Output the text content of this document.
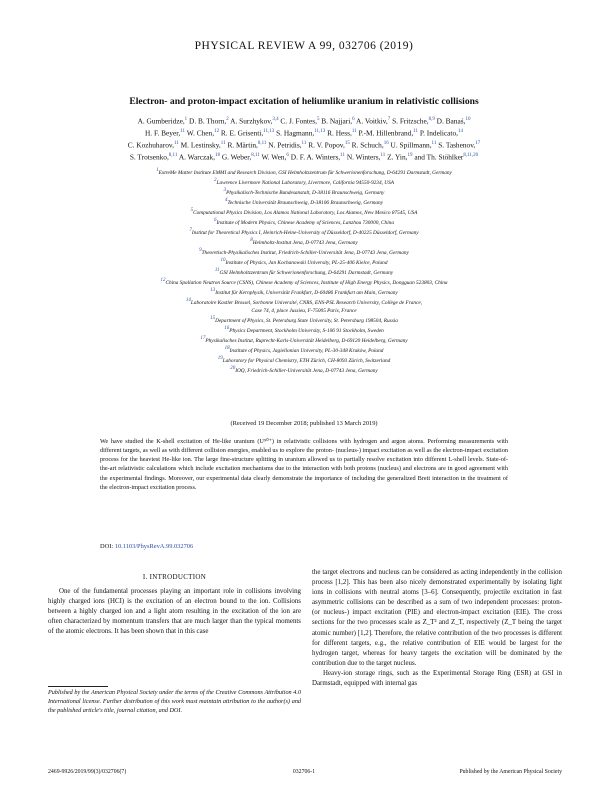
PHYSICAL REVIEW A 99, 032706 (2019)
Electron- and proton-impact excitation of heliumlike uranium in relativistic collisions
A. Gumberidze,$^1$ D. B. Thorn,$^2$ A. Surzhykov,$^{3,4}$ C. J. Fontes,$^5$ B. Najjari,$^6$ A. Voitkiv,$^7$ S. Fritzsche,$^{8,9}$ D. Banaś,$^{10}$
H. F. Beyer,$^{11}$ W. Chen,$^{12}$ R. E. Grisenti,$^{11,13}$ S. Hagmann,$^{11,13}$ R. Hess,$^{11}$ P.-M. Hillenbrand,$^{11}$ P. Indelicato,$^{14}$
C. Kozhuharov,$^{11}$ M. Lestinsky,$^{11}$ R. Märtin,$^{8,11}$ N. Petridis,$^{11}$ R. V. Popov,$^{15}$ R. Schuch,$^{16}$ U. Spillmann,$^{11}$ S. Tashenov,$^{17}$
S. Trotsenko,$^{8,11}$ A. Warczak,$^{18}$ G. Weber,$^{8,11}$ W. Wen,$^6$ D. F. A. Winters,$^{11}$ N. Winters,$^{11}$ Z. Yin,$^{19}$ and Th. Stöhlker$^{8,11,20}$
$^1$ExtreMe Matter Institute EMMI and Research Division, GSI Helmholtzzentrum für Schwerionenforschung, D-64291 Darmstadt, Germany
$^2$Lawrence Livermore National Laboratory, Livermore, California 94550-9234, USA
$^3$Physikalisch-Technische Bundesanstalt, D-38116 Braunschweig, Germany
$^4$Technische Universität Braunschweig, D-38106 Braunschweig, Germany
$^5$Computational Physics Division, Los Alamos National Laboratory, Los Alamos, New Mexico 87545, USA
$^6$Institute of Modern Physics, Chinese Academy of Sciences, Lanzhou 730000, China
$^7$Institut for Theoretical Physics I, Heinrich-Heine-University of Düsseldorf, D-40225 Düsseldorf, Germany
$^8$Helmholtz-Institut Jena, D-07743 Jena, Germany
$^9$Theoretisch-Physikalisches Institut, Friedrich-Schiller-Universität Jena, D-07743 Jena, Germany
$^{10}$Institute of Physics, Jan Kochanowski University, PL-25-406 Kielce, Poland
$^{11}$GSI Helmholtzzentrum für Schwerionenforschung, D-64291 Darmstadt, Germany
$^{12}$China Spallation Neutron Source (CSNS), Chinese Academy of Sciences, Institute of High Energy Physics, Dongguan 523803, China
$^{13}$Institut für Kernphysik, Universität Frankfurt, D-60486 Frankfurt am Main, Germany
$^{14}$Laboratoire Kastler Brossel, Sorbonne Université, CNRS, ENS-PSL Research University, Collège de France,
Case 74, 4, place Jussieu, F-75005 Paris, France
$^{15}$Department of Physics, St. Petersburg State University, St. Petersburg 198504, Russia
$^{16}$Physics Department, Stockholm University, S-106 91 Stockholm, Sweden
$^{17}$Physikalisches Institut, Ruprecht-Karls-Universität Heidelberg, D-69120 Heidelberg, Germany
$^{18}$Institute of Physics, Jagiellonian University, PL-30-348 Kraków, Poland
$^{19}$Laboratory for Physical Chemistry, ETH Zürich, CH-8093 Zürich, Switzerland
$^{20}$IOQ, Friedrich-Schiller-Universität Jena, D-07743 Jena, Germany
(Received 19 December 2018; published 13 March 2019)
We have studied the K-shell excitation of He-like uranium (U⁹⁰⁺) in relativistic collisions with hydrogen and argon atoms. Performing measurements with different targets, as well as with different collision energies, enabled us to explore the proton- (nucleus-) impact excitation as well as the electron-impact excitation process for the heaviest He-like ion. The large fine-structure splitting in uranium allowed us to partially resolve excitation into different L-shell levels. State-of-the-art relativistic calculations which include excitation mechanisms due to the interaction with both protons (nucleus) and electrons are in good agreement with the experimental findings. Moreover, our experimental data clearly demonstrate the importance of including the generalized Breit interaction in the treatment of the electron-impact excitation process.
DOI: 10.1103/PhysRevA.99.032706
I. INTRODUCTION

One of the fundamental processes playing an important role in collisions involving highly charged ions (HCI) is the excitation of an electron bound to the ion. Collisions between a highly charged ion and a light atom resulting in the excitation of the ion are often characterized by momentum transfers that are much larger than the typical moments of the atomic electrons. It has been shown that in this case

the target electrons and nucleus can be considered as acting independently in the collision process [1,2]. This has been also nicely demonstrated experimentally by isolating light ions in collisions with neutral atoms [3–6]. Consequently, projectile excitation in fast asymmetric collisions can be described as a sum of two independent processes: proton- (or nucleus-) impact excitation (PIE) and electron-impact excitation (EIE). The cross sections for the two processes scale as Z_T² and Z_T, respectively (Z_T being the target atomic number) [1,2]. Therefore, the relative contribution of the two processes is different for different targets, e.g., the relative contribution of EIE would be largest for the hydrogen target, whereas for heavy targets the excitation will be dominated by the contribution due to the target nucleus.

Heavy-ion storage rings, such as the Experimental Storage Ring (ESR) at GSI in Darmstadt, equipped with internal gas

Published by the American Physical Society under the terms of the Creative Commons Attribution 4.0 International license. Further distribution of this work must maintain attribution to the author(s) and the published article's title, journal citation, and DOI.
2469-9926/2019/99(3)/032706(7)	032706-1	Published by the American Physical Society
